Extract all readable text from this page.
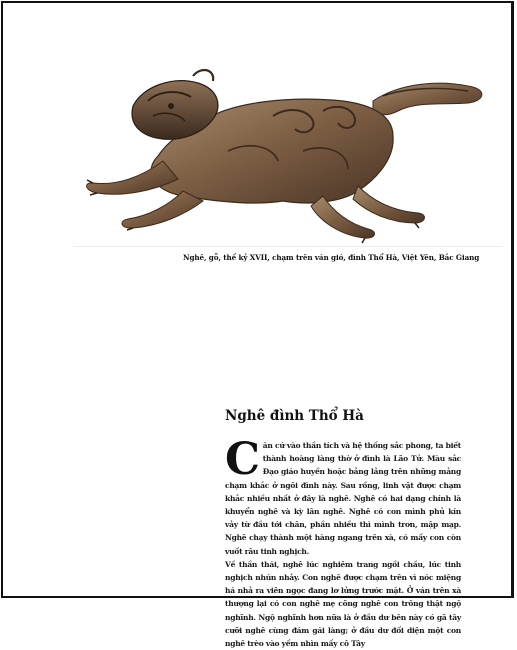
Nghê, gỗ, thế kỷ XVII, chạm trên ván gió, đình Thổ Hà, Việt Yên, Bắc Giang
Nghê đình Thổ Hà

Căn cứ vào thần tích và hệ thống sắc phong, ta biết thành hoàng làng thờ ở đình là Lão Tử. Màu sắc Đạo giáo huyền hoặc bảng lảng trên những mảng chạm khắc ở ngôi đình này. Sau rồng, linh vật được chạm khắc nhiều nhất ở đây là nghê. Nghê có hai dạng chính là khuyển nghê và kỳ lân nghê. Nghê có con mình phủ kín vảy từ đầu tới chân, phần nhiều thì mình trơn, mập mạp. Nghê chạy thành một hàng ngang trên xà, có mấy con còn vuốt râu tinh nghịch.

Về thần thái, nghê lúc nghiêm trang ngồi chầu, lúc tinh nghịch nhún nhảy. Con nghê được chạm trên vì nóc miệng há nhả ra viên ngọc đang lơ lửng trước mặt. Ở ván trên xà thượng lại có con nghê mẹ cõng nghê con trông thật ngộ nghĩnh. Ngộ nghĩnh hơn nữa là ở đầu dư bên này có gã tây cưỡi nghê cùng đám gái làng; ở đầu dư đối diện một con nghê trèo vào yếm nhìn mấy cô Tây
